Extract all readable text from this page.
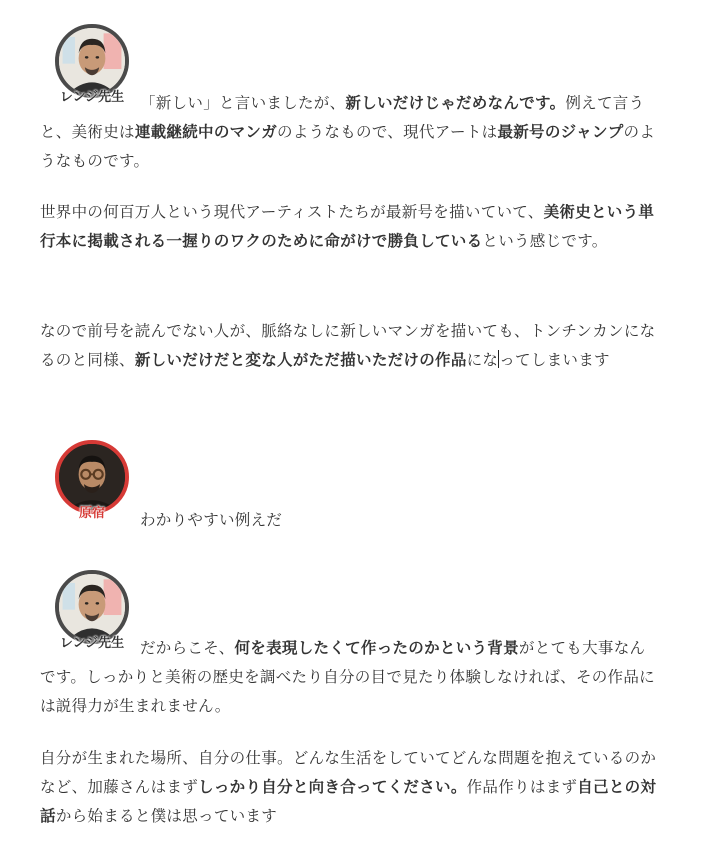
レンジ先生	「新しい」と言いましたが、新しいだけじゃだめなんです。例えて言うと、美術史は連載継続中のマンガのようなもので、現代アートは最新号のジャンプのようなものです。

世界中の何百万人という現代アーティストたちが最新号を描いていて、美術史という単行本に掲載される一握りのワクのために命がけで勝負しているという感じです。

なので前号を読んでない人が、脈絡なしに新しいマンガを描いても、トンチンカンになるのと同様、新しいだけだと変な人がただ描いただけの作品になってしまいます

原宿	わかりやすい例えだ

レンジ先生	だからこそ、何を表現したくて作ったのかという背景がとても大事なんです。しっかりと美術の歴史を調べたり自分の目で見たり体験しなければ、その作品には説得力が生まれません。

自分が生まれた場所、自分の仕事。どんな生活をしていてどんな問題を抱えているのかなど、加藤さんはまずしっかり自分と向き合ってください。作品作りはまず自己との対話から始まると僕は思っています
